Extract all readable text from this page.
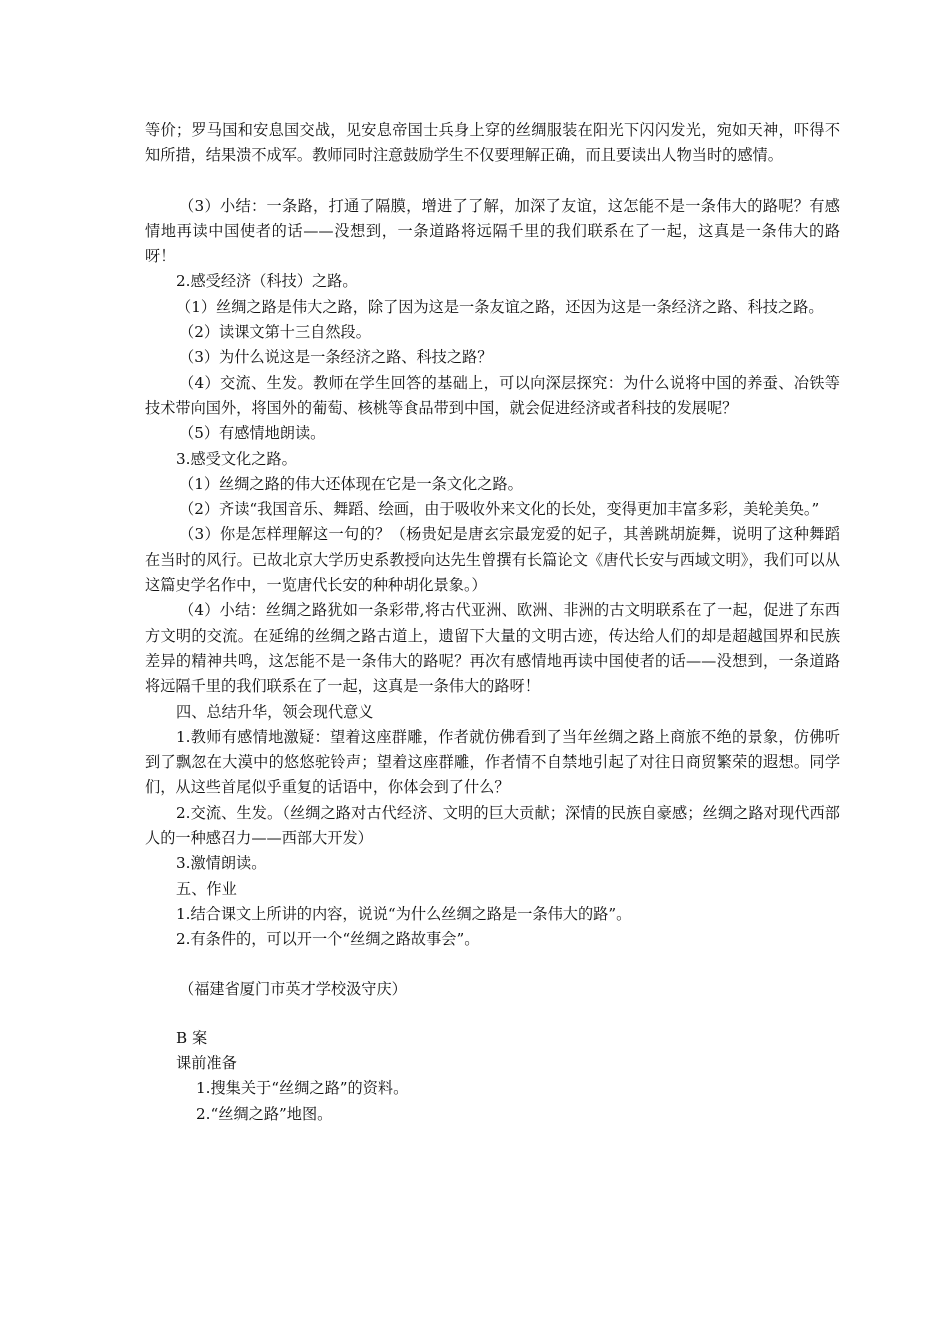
等价；罗马国和安息国交战，见安息帝国士兵身上穿的丝绸服装在阳光下闪闪发光，宛如天神，吓得不知所措，结果溃不成军。教师同时注意鼓励学生不仅要理解正确，而且要读出人物当时的感情。

（3）小结：一条路，打通了隔膜，增进了了解，加深了友谊，这怎能不是一条伟大的路呢？有感情地再读中国使者的话——没想到，一条道路将远隔千里的我们联系在了一起，这真是一条伟大的路呀！

2.感受经济（科技）之路。

（1）丝绸之路是伟大之路，除了因为这是一条友谊之路，还因为这是一条经济之路、科技之路。

（2）读课文第十三自然段。

（3）为什么说这是一条经济之路、科技之路？

（4）交流、生发。教师在学生回答的基础上，可以向深层探究：为什么说将中国的养蚕、冶铁等技术带向国外，将国外的葡萄、核桃等食品带到中国，就会促进经济或者科技的发展呢？

（5）有感情地朗读。

3.感受文化之路。

（1）丝绸之路的伟大还体现在它是一条文化之路。

（2）齐读“我国音乐、舞蹈、绘画，由于吸收外来文化的长处，变得更加丰富多彩，美轮美奂。”

（3）你是怎样理解这一句的？（杨贵妃是唐玄宗最宠爱的妃子，其善跳胡旋舞，说明了这种舞蹈在当时的风行。已故北京大学历史系教授向达先生曾撰有长篇论文《唐代长安与西域文明》，我们可以从这篇史学名作中，一览唐代长安的种种胡化景象。）

（4）小结：丝绸之路犹如一条彩带,将古代亚洲、欧洲、非洲的古文明联系在了一起，促进了东西方文明的交流。在延绵的丝绸之路古道上，遗留下大量的文明古迹，传达给人们的却是超越国界和民族差异的精神共鸣，这怎能不是一条伟大的路呢？再次有感情地再读中国使者的话——没想到，一条道路将远隔千里的我们联系在了一起，这真是一条伟大的路呀！

四、总结升华，领会现代意义

1.教师有感情地激疑：望着这座群雕，作者就仿佛看到了当年丝绸之路上商旅不绝的景象，仿佛听到了飘忽在大漠中的悠悠驼铃声；望着这座群雕，作者情不自禁地引起了对往日商贸繁荣的遐想。同学们，从这些首尾似乎重复的话语中，你体会到了什么？

2.交流、生发。（丝绸之路对古代经济、文明的巨大贡献；深情的民族自豪感；丝绸之路对现代西部人的一种感召力——西部大开发）

3.激情朗读。

五、作业

1.结合课文上所讲的内容，说说“为什么丝绸之路是一条伟大的路”。

2.有条件的，可以开一个“丝绸之路故事会”。

（福建省厦门市英才学校汲守庆）

B 案

课前准备

1.搜集关于“丝绸之路”的资料。

2.“丝绸之路”地图。
